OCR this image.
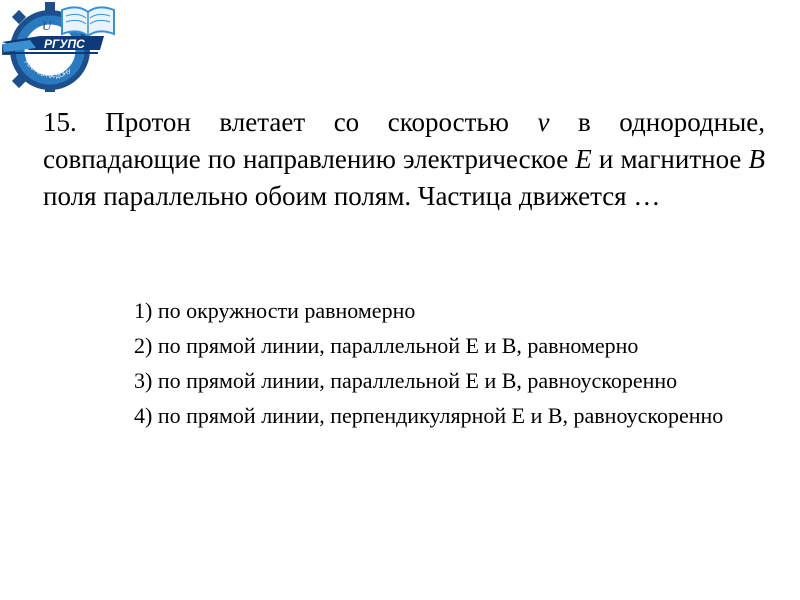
U
РГУПС
РОСТОВ-НА-ДОНУ
15. Протон влетает со скоростью v в однородные, совпадающие по направлению электрическое E и магнитное B поля параллельно обоим полям. Частица движется …

1) по окружности равномерно

2) по прямой линии, параллельной Е и В, равномерно

3) по прямой линии, параллельной Е и В, равноускоренно

4) по прямой линии, перпендикулярной Е и В, равноускоренно
